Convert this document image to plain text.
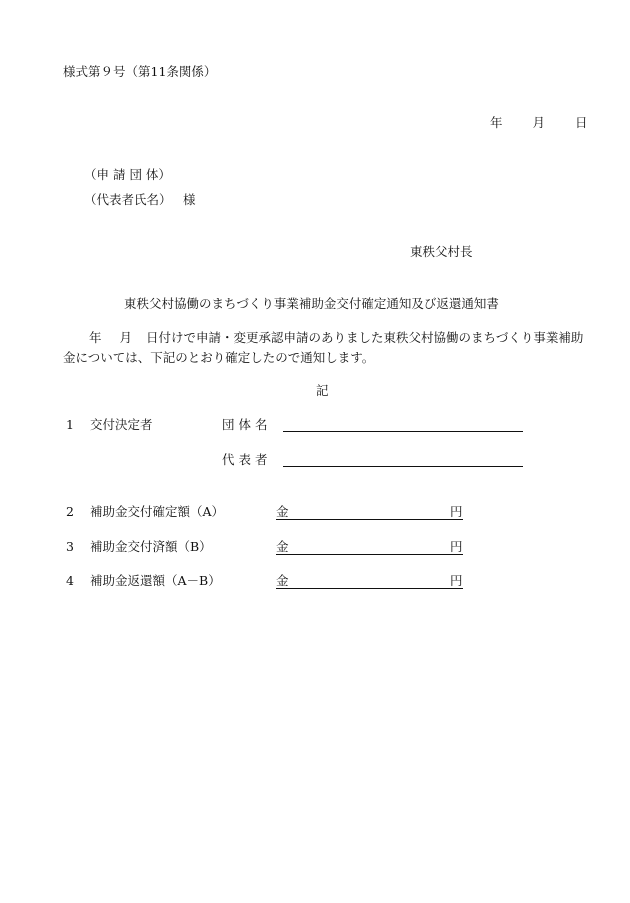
様式第９号（第11条関係）
年 月 日
（申 請 団 体）
（代表者氏名） 様
東秩父村長
東秩父村協働のまちづくり事業補助金交付確定通知及び返還通知書
年 月 日付けで申請・変更承認申請のありました東秩父村協働のまちづくり事業補助金については、下記のとおり確定したので通知します。
記
1 交付決定者	団 体 名
代 表 者
2 補助金交付確定額（A）	金	円
3 補助金交付済額（B）	金	円
4 補助金返還額（A－B）	金	円
